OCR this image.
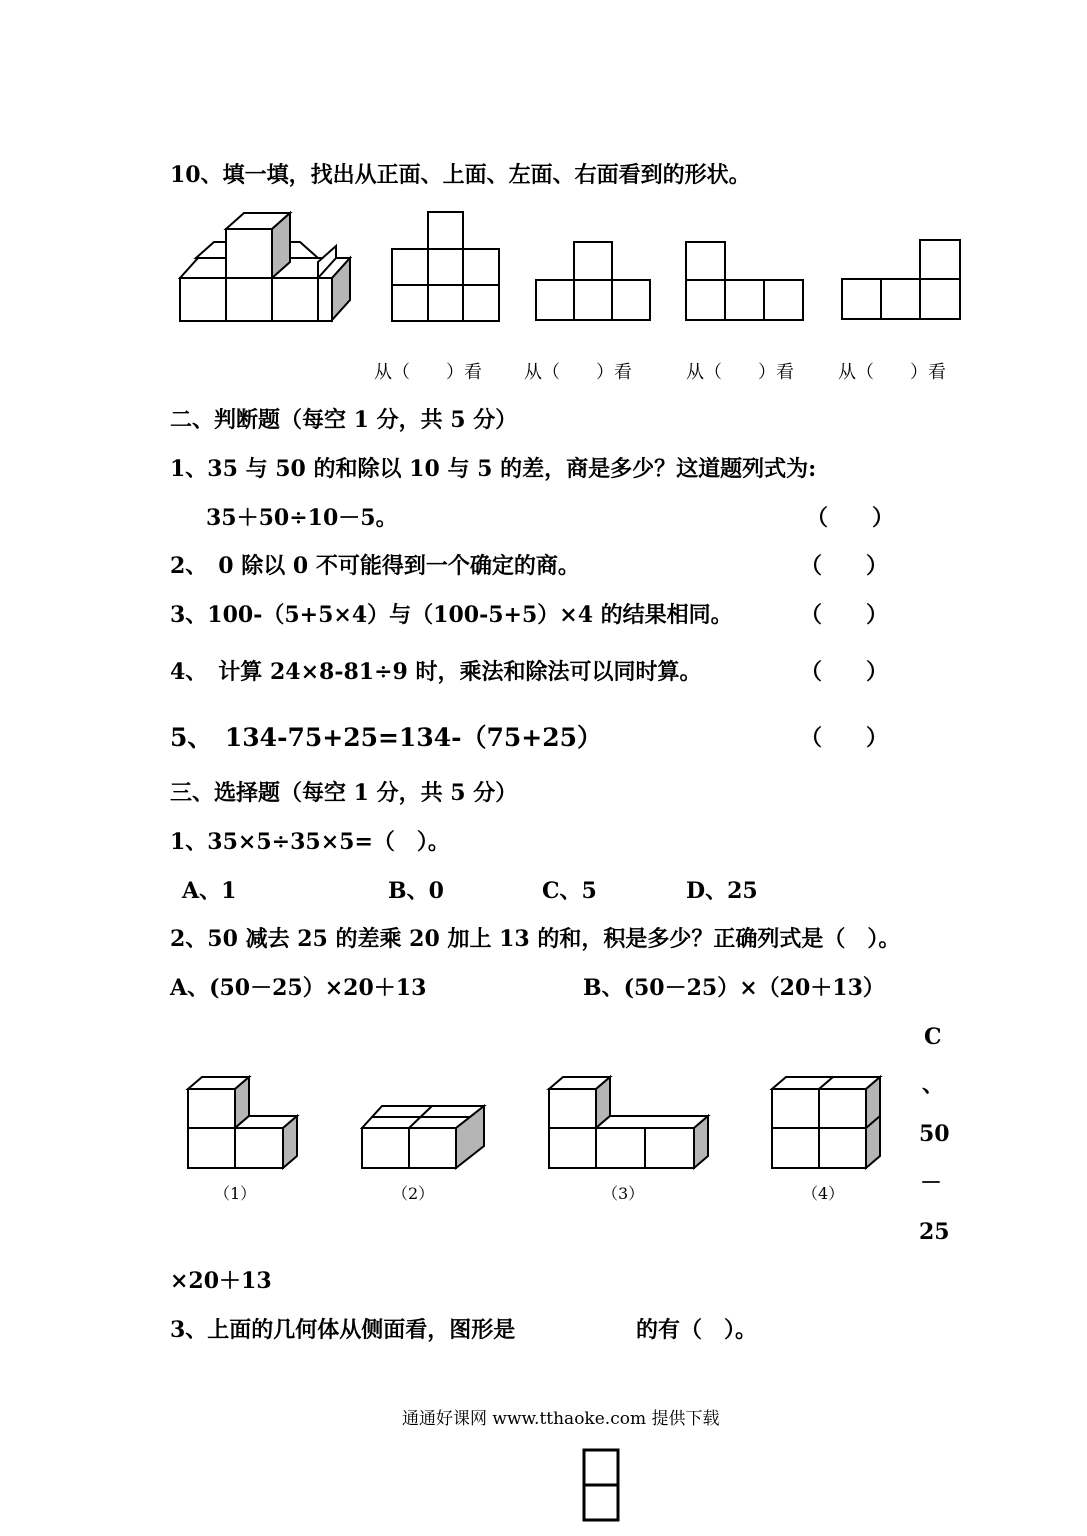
10、填一填，找出从正面、上面、左面、右面看到的形状。
从（　　）看 从（　　）看	从（　　）看 从（　　）看
二、判断题（每空 1 分，共 5 分）
1、35 与 50 的和除以 10 与 5 的差，商是多少？这道题列式为:
35＋50÷10－5。	（　　）
2、　0 除以 0 不可能得到一个确定的商。	（　　）
3、100-（5+5×4）与（100-5+5）×4 的结果相同。	（　　）
4、　计算 24×8-81÷9 时，乘法和除法可以同时算。	（　　）
5、　134-75+25=134-（75+25）	（　　）
三、选择题（每空 1 分，共 5 分）
1、35×5÷35×5=（　）。
A、1	B、0	C、5	D、25
2、50 减去 25 的差乘 20 加上 13 的和，积是多少？正确列式是（　）。
A、(50－25）×20＋13	B、(50－25）×（20＋13）
C
、
50
－
25
（1）	（2）	（3）	（4）
×20＋13
3、上面的几何体从侧面看，图形是	的有（　）。
通通好课网 www.tthaoke.com 提供下载
